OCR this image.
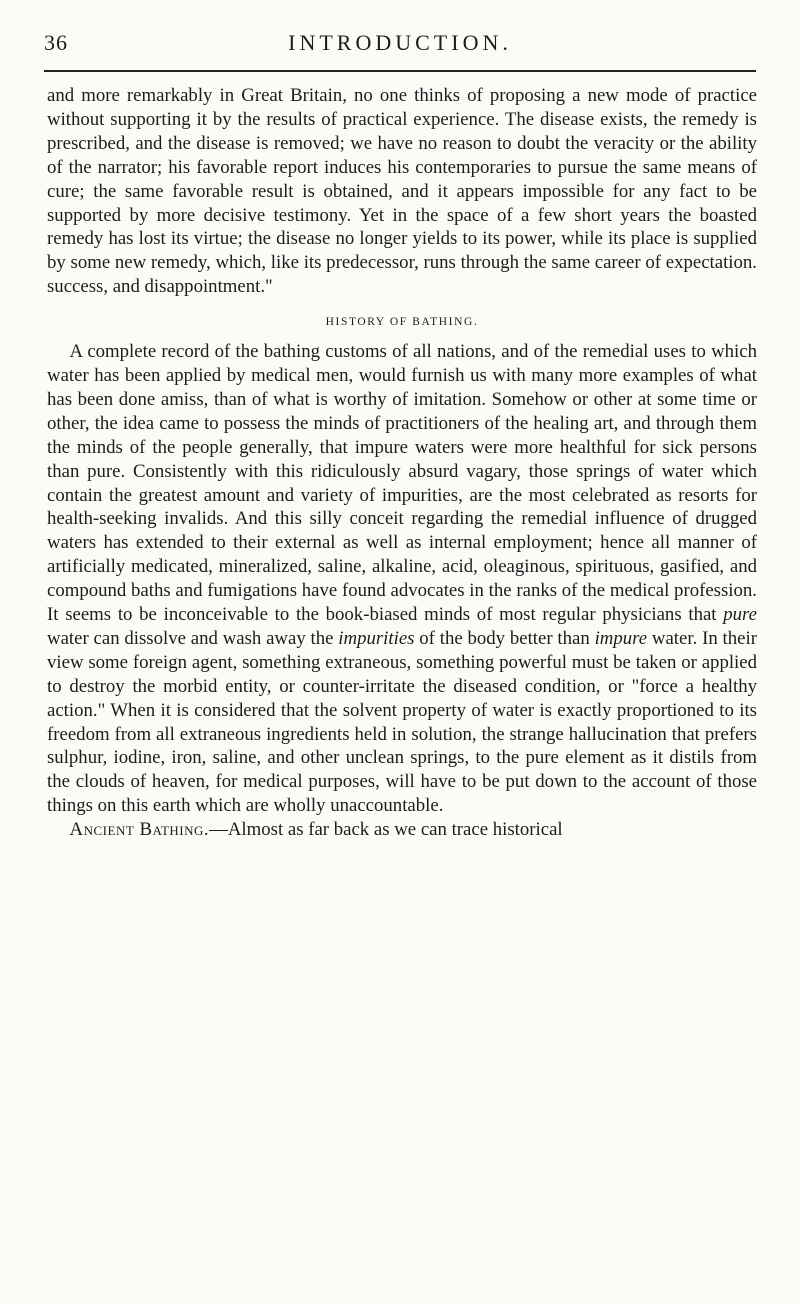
36	INTRODUCTION.

and more remarkably in Great Britain, no one thinks of proposing a new mode of practice without supporting it by the results of practical experience. The disease exists, the remedy is prescribed, and the disease is removed; we have no reason to doubt the veracity or the ability of the narrator; his favorable report induces his contemporaries to pursue the same means of cure; the same favorable result is obtained, and it appears impossible for any fact to be supported by more decisive testimony. Yet in the space of a few short years the boasted remedy has lost its virtue; the disease no longer yields to its power, while its place is supplied by some new remedy, which, like its predecessor, runs through the same career of expectation. success, and disappointment."

HISTORY OF BATHING.

A complete record of the bathing customs of all nations, and of the remedial uses to which water has been applied by medical men, would furnish us with many more examples of what has been done amiss, than of what is worthy of imitation. Somehow or other at some time or other, the idea came to possess the minds of practitioners of the healing art, and through them the minds of the people generally, that impure waters were more healthful for sick persons than pure. Consistently with this ridiculously absurd vagary, those springs of water which contain the greatest amount and variety of impurities, are the most celebrated as resorts for health-seeking invalids. And this silly conceit regarding the remedial influence of drugged waters has extended to their external as well as internal employment; hence all manner of artificially medicated, mineralized, saline, alkaline, acid, oleaginous, spirituous, gasified, and compound baths and fumigations have found advocates in the ranks of the medical profession. It seems to be inconceivable to the book-biased minds of most regular physicians that pure water can dissolve and wash away the impurities of the body better than impure water. In their view some foreign agent, something extraneous, something powerful must be taken or applied to destroy the morbid entity, or counter-irritate the diseased condition, or "force a healthy action." When it is considered that the solvent property of water is exactly proportioned to its freedom from all extraneous ingredients held in solution, the strange hallucination that prefers sulphur, iodine, iron, saline, and other unclean springs, to the pure element as it distils from the clouds of heaven, for medical purposes, will have to be put down to the account of those things on this earth which are wholly unaccountable.

Ancient Bathing.—Almost as far back as we can trace historical
